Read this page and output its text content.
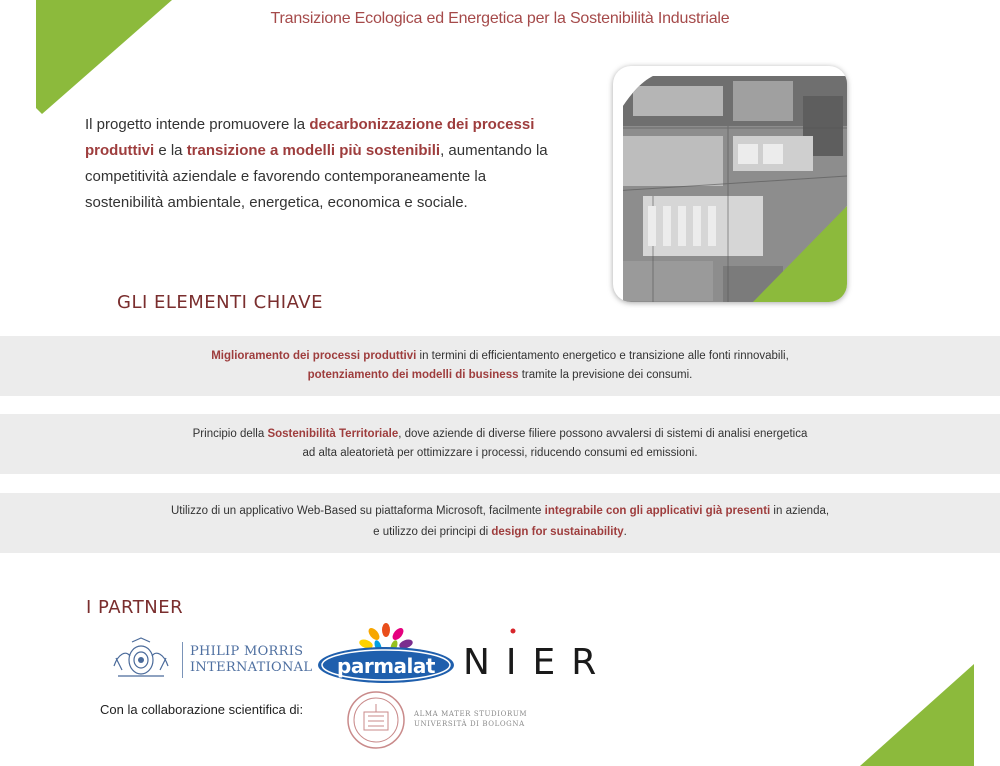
Transizione Ecologica ed Energetica per la Sostenibilità Industriale
Il progetto intende promuovere la decarbonizzazione dei processi produttivi e la transizione a modelli più sostenibili, aumentando la competitività aziendale e favorendo contemporaneamente la sostenibilità ambientale, energetica, economica e sociale.
GLI ELEMENTI CHIAVE
Miglioramento dei processi produttivi in termini di efficientamento energetico e transizione alle fonti rinnovabili,
potenziamento dei modelli di business tramite la previsione dei consumi.
Principio della Sostenibilità Territoriale, dove aziende di diverse filiere possono avvalersi di sistemi di analisi energetica ad alta aleatorietà per ottimizzare i processi, riducendo consumi ed emissioni.
Utilizzo di un applicativo Web-Based su piattaforma Microsoft, facilmente integrabile con gli applicativi già presenti in azienda, e utilizzo dei principi di design for sustainability.
I PARTNER
PHILIP MORRIS
INTERNATIONAL	parmalat NIER
Con la collaborazione scientifica di:	ALMA MATER STUDIORUM
UNIVERSITÀ DI BOLOGNA
